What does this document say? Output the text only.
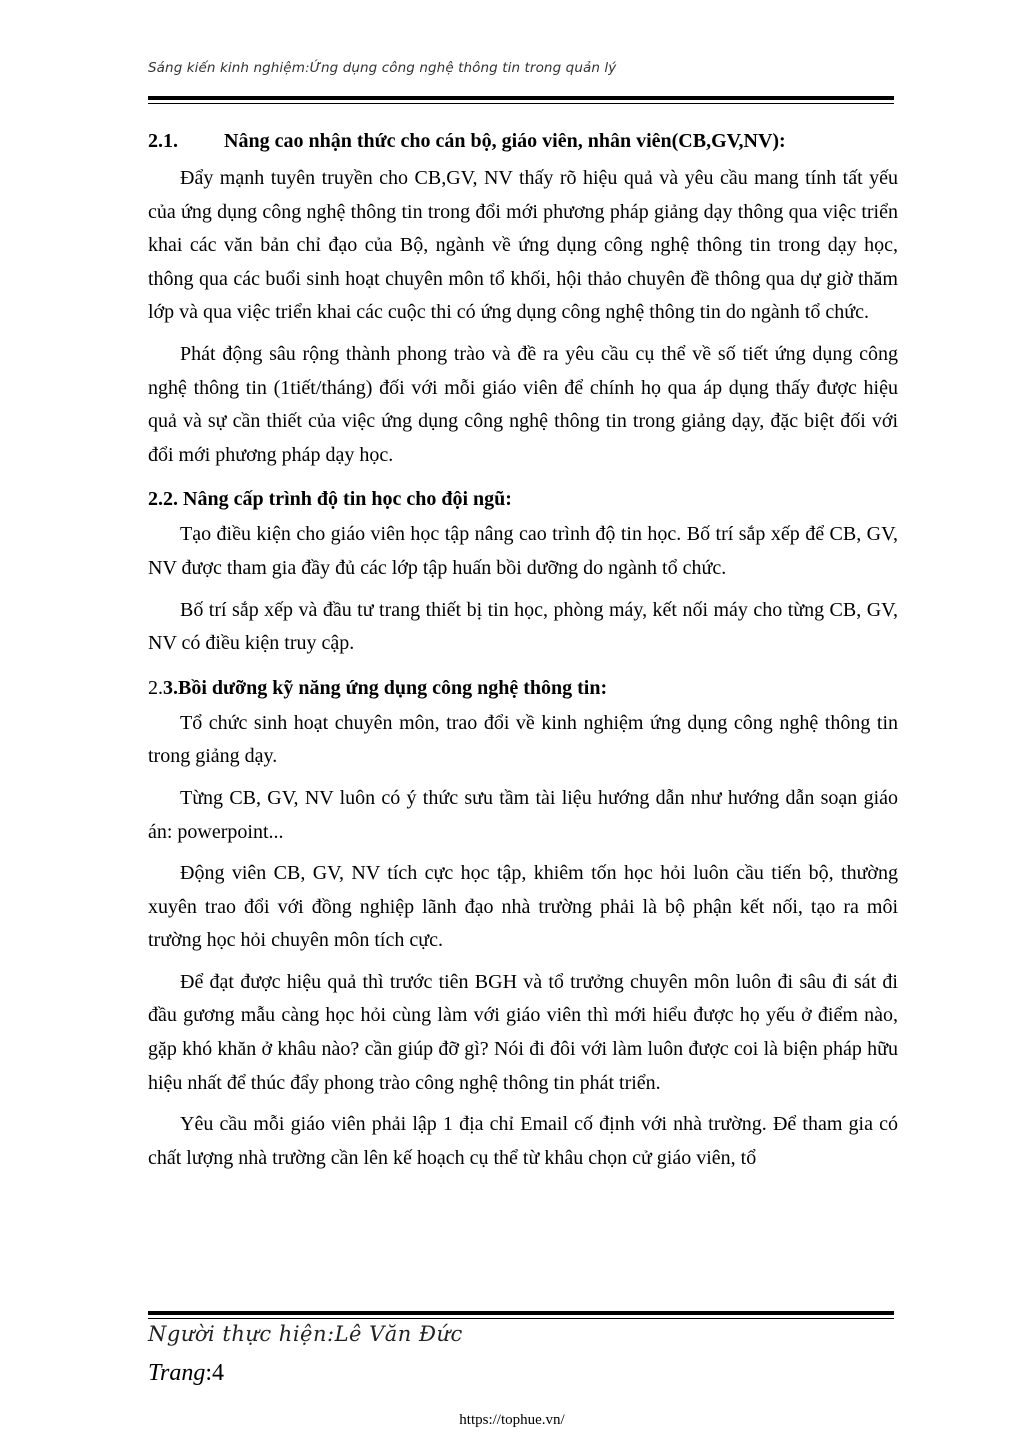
Sáng kiến kinh nghiệm:Ứng dụng công nghệ thông tin trong quản lý
2.1. Nâng cao nhận thức cho cán bộ, giáo viên, nhân viên(CB,GV,NV):

Đẩy mạnh tuyên truyền cho CB,GV, NV thấy rõ hiệu quả và yêu cầu mang tính tất yếu của ứng dụng công nghệ thông tin trong đổi mới phương pháp giảng dạy thông qua việc triển khai các văn bản chỉ đạo của Bộ, ngành về ứng dụng công nghệ thông tin trong dạy học, thông qua các buổi sinh hoạt chuyên môn tổ khối, hội thảo chuyên đề thông qua dự giờ thăm lớp và qua việc triển khai các cuộc thi có ứng dụng công nghệ thông tin do ngành tổ chức.

Phát động sâu rộng thành phong trào và đề ra yêu cầu cụ thể về số tiết ứng dụng công nghệ thông tin (1tiết/tháng) đối với mỗi giáo viên để chính họ qua áp dụng thấy được hiệu quả và sự cần thiết của việc ứng dụng công nghệ thông tin trong giảng dạy, đặc biệt đối với đổi mới phương pháp dạy học.

2.2. Nâng cấp trình độ tin học cho đội ngũ:

Tạo điều kiện cho giáo viên học tập nâng cao trình độ tin học. Bố trí sắp xếp để CB, GV, NV được tham gia đầy đủ các lớp tập huấn bồi dưỡng do ngành tổ chức.

Bố trí sắp xếp và đầu tư trang thiết bị tin học, phòng máy, kết nối máy cho từng CB, GV, NV có điều kiện truy cập.

2.3.Bồi dưỡng kỹ năng ứng dụng công nghệ thông tin:

Tổ chức sinh hoạt chuyên môn, trao đổi về kinh nghiệm ứng dụng công nghệ thông tin trong giảng dạy.

Từng CB, GV, NV luôn có ý thức sưu tầm tài liệu hướng dẫn như hướng dẫn soạn giáo án: powerpoint...

Động viên CB, GV, NV tích cực học tập, khiêm tốn học hỏi luôn cầu tiến bộ, thường xuyên trao đổi với đồng nghiệp lãnh đạo nhà trường phải là bộ phận kết nối, tạo ra môi trường học hỏi chuyên môn tích cực.

Để đạt được hiệu quả thì trước tiên BGH và tổ trưởng chuyên môn luôn đi sâu đi sát đi đầu gương mẫu càng học hỏi cùng làm với giáo viên thì mới hiểu được họ yếu ở điểm nào, gặp khó khăn ở khâu nào? cần giúp đỡ gì? Nói đi đôi với làm luôn được coi là biện pháp hữu hiệu nhất để thúc đẩy phong trào công nghệ thông tin phát triển.

Yêu cầu mỗi giáo viên phải lập 1 địa chỉ Email cố định với nhà trường. Để tham gia có chất lượng nhà trường cần lên kế hoạch cụ thể từ khâu chọn cử giáo viên, tổ

Người thực hiện:Lê Văn Đức
Trang:4
https://tophue.vn/
